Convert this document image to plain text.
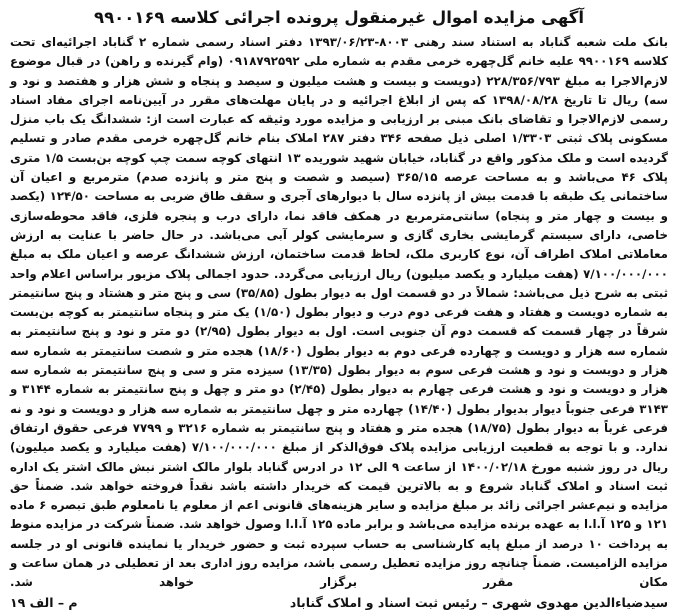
آگهی مزایده اموال غیرمنقول پرونده اجرائی کلاسه ۹۹۰۰۱۶۹

بانک ملت شعبه گناباد به استناد سند رهنی ۸۰۰۳-۱۳۹۳/۰۶/۲۳ دفتر اسناد رسمی شماره ۲ گناباد اجرائیه‌ای تحت کلاسه ۹۹۰۰۱۶۹ علیه خانم گل‌چهره خرمی مقدم به شماره ملی ۰۹۱۸۷۹۲۵۹۲ (وام گیرنده و راهن) در قبال موضوع لازم‌الاجرا به مبلغ ۲۲۸/۳۵۶/۷۹۳ (دویست و بیست و هشت میلیون و سیصد و پنجاه و شش هزار و هفتصد و نود و سه) ریال تا تاریخ ۱۳۹۸/۰۸/۲۸ که پس از ابلاغ اجرائیه و در پایان مهلت‌های مقرر در آیین‌نامه اجرای مفاد اسناد رسمی لازم‌الاجرا و تقاضای بانک مبنی بر ارزیابی و مزایده مورد وثیقه که عبارت است از: ششدانگ یک باب منزل مسکونی پلاک ثبتی ۱/۳۳۰۳ اصلی ذیل صفحه ۳۴۶ دفتر ۲۸۷ املاک بنام خانم گل‌چهره خرمی مقدم صادر و تسلیم گردیده است و ملک مذکور واقع در گناباد، خیابان شهید شوریده ۱۳ انتهای کوچه سمت چپ کوچه بن‌بست ۱/۵ متری پلاک ۴۶ می‌باشد و به مساحت عرصه ۳۶۵/۱۵ (سیصد و شصت و پنج متر و پانزده صدم) مترمربع و اعیان آن ساختمانی یک طبقه با قدمت بیش از پانزده سال با دیوارهای آجری و سقف طاق ضربی به مساحت ۱۲۴/۵۰ (یکصد و بیست و چهار متر و پنجاه) سانتی‌مترمربع در همکف فاقد نما، دارای درب و پنجره فلزی، فاقد محوطه‌سازی خاصی، دارای سیستم گرمایشی بخاری گازی و سرمایشی کولر آبی می‌باشد. در حال حاضر با عنایت به ارزش معاملاتی املاک اطراف آن، نوع کاربری ملک، لحاظ قدمت ساختمان، ارزش ششدانگ عرصه و اعیان ملک به مبلغ ۷/۱۰۰/۰۰۰/۰۰۰ (هفت میلیارد و یکصد میلیون) ریال ارزیابی می‌گردد. حدود اجمالی پلاک مزبور براساس اعلام واحد ثبتی به شرح ذیل می‌باشد: شمالاً در دو قسمت اول به دیوار بطول (۳۵/۸۵) سی و پنج متر و هشتاد و پنج سانتیمتر به شماره دویست و هفتاد و هفت فرعی دوم درب و دیوار بطول (۱/۵۰) یک متر و پنجاه سانتیمتر به کوچه بن‌بست شرقاً در چهار قسمت که قسمت دوم آن جنوبی است. اول به دیوار بطول (۲/۹۵) دو متر و نود و پنج سانتیمتر به شماره سه هزار و دویست و چهارده فرعی دوم به دیوار بطول (۱۸/۶۰) هجده متر و شصت سانتیمتر به شماره سه هزار و دویست و نود و هشت فرعی سوم به دیوار بطول (۱۳/۳۵) سیزده متر و سی و پنج سانتیمتر به شماره سه هزار و دویست و نود و هشت فرعی چهارم به دیوار بطول (۲/۴۵) دو متر و چهل و پنج سانتیمتر به شماره ۳۱۴۴ و ۳۱۴۳ فرعی جنوباً دیوار بدیوار بطول (۱۴/۴۰) چهارده متر و چهل سانتیمتر به شماره سه هزار و دویست و نود و نه فرعی غرباً به دیوار بطول (۱۸/۷۵) هجده متر و هفتاد و پنج سانتیمتر به شماره ۳۲۱۶ و ۷۷۹۹ فرعی حقوق ارتفاق ندارد. و با توجه به قطعیت ارزیابی مزایده پلاک فوق‌الذکر از مبلغ ۷/۱۰۰/۰۰۰/۰۰۰ (هفت میلیارد و یکصد میلیون) ریال در روز شنبه مورخ ۱۴۰۰/۰۲/۱۸ از ساعت ۹ الی ۱۲ در ادرس گناباد بلوار مالک اشتر نبش مالک اشتر یک اداره ثبت اسناد و املاک گناباد شروع و به بالاترین قیمت که خریدار داشته باشد نقداً فروخته خواهد شد. ضمناً حق مزایده و نیم‌عشر اجرائی زائد بر مبلغ مزایده و سایر هزینه‌های قانونی اعم از معلوم یا نامعلوم طبق تبصره ۶ ماده ۱۲۱ و ۱۲۵ آ.ا.ا به عهده برنده مزایده می‌باشد و برابر ماده ۱۲۵ آ.ا.ا وصول خواهد شد. ضمناً شرکت در مزایده منوط به پرداخت ۱۰ درصد از مبلغ پایه کارشناسی به حساب سپرده ثبت و حضور خریدار یا نماینده قانونی او در جلسه مزایده الزامیست. ضمناً چنانچه روز مزایده تعطیل رسمی باشد، مزایده روز اداری بعد از تعطیلی در همان ساعت و مکان مقرر برگزار خواهد شد.

سیدضیاءالدین مهدوی شهری – رئیس ثبت اسناد و املاک گناباد
م – الف ۱۹
